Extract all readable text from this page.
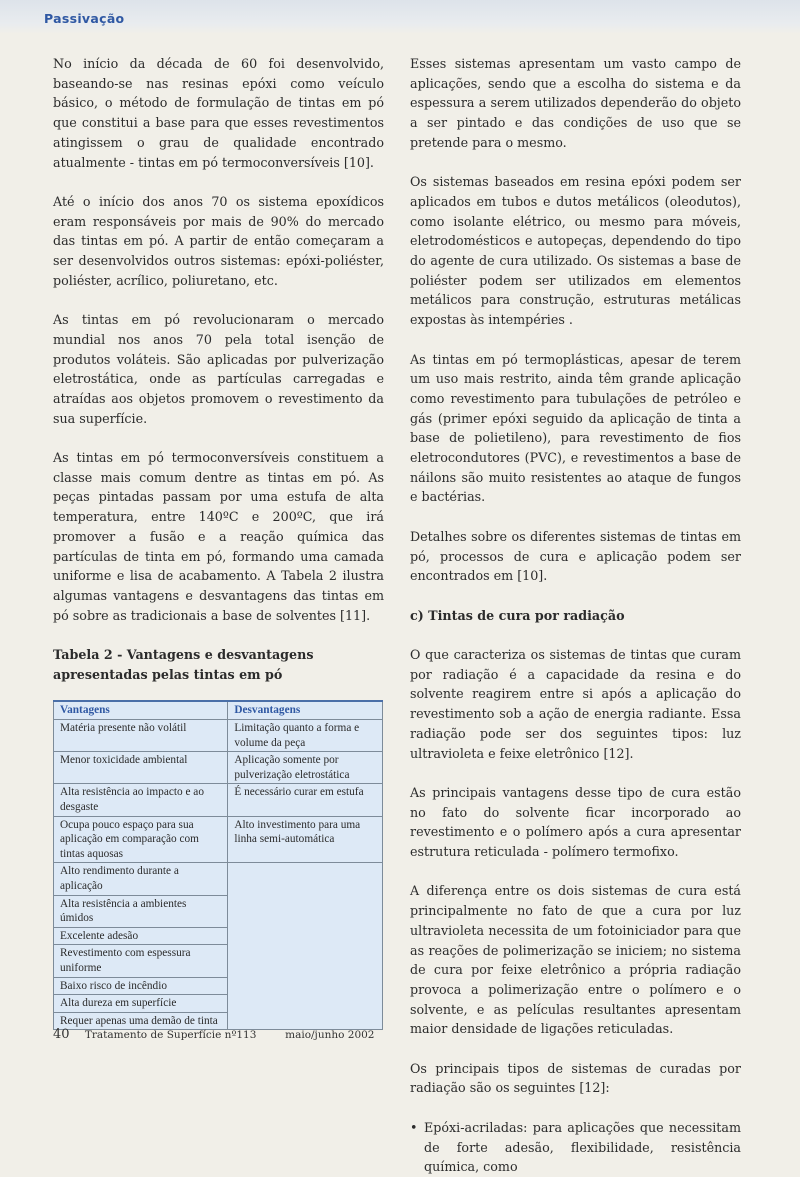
Passivação

No início da década de 60 foi desenvolvido, baseando-se nas resinas epóxi como veículo básico, o método de formulação de tintas em pó que constitui a base para que esses revestimentos atingissem o grau de qualidade encontrado atualmente - tintas em pó termoconversíveis [10].

Até o início dos anos 70 os sistema epoxídicos eram responsáveis por mais de 90% do mercado das tintas em pó. A partir de então começaram a ser desenvolvidos outros sistemas: epóxi-poliéster, poliéster, acrílico, poliuretano, etc.

As tintas em pó revolucionaram o mercado mundial nos anos 70 pela total isenção de produtos voláteis. São aplicadas por pulverização eletrostática, onde as partículas carregadas e atraídas aos objetos promovem o revestimento da sua superfície.

As tintas em pó termoconversíveis constituem a classe mais comum dentre as tintas em pó. As peças pintadas passam por uma estufa de alta temperatura, entre 140ºC e 200ºC, que irá promover a fusão e a reação química das partículas de tinta em pó, formando uma camada uniforme e lisa de acabamento. A Tabela 2 ilustra algumas vantagens e desvantagens das tintas em pó sobre as tradicionais a base de solventes [11].

Tabela 2 - Vantagens e desvantagens apresentadas pelas tintas em pó
Vantagens	Desvantagens
Matéria presente não volátil	Limitação quanto a forma e volume da peça
Menor toxicidade ambiental	Aplicação somente por pulverização eletrostática
Alta resistência ao impacto e ao desgaste	É necessário curar em estufa
Ocupa pouco espaço para sua aplicação em comparação com tintas aquosas	Alto investimento para uma linha semi-automática
Alto rendimento durante a aplicação	
Alta resistência a ambientes úmidos	
Excelente adesão	
Revestimento com espessura uniforme	
Baixo risco de incêndio	
Alta dureza em superfície	
Requer apenas uma demão de tinta	

Esses sistemas apresentam um vasto campo de aplicações, sendo que a escolha do sistema e da espessura a serem utilizados dependerão do objeto a ser pintado e das condições de uso que se pretende para o mesmo.

Os sistemas baseados em resina epóxi podem ser aplicados em tubos e dutos metálicos (oleodutos), como isolante elétrico, ou mesmo para móveis, eletrodomésticos e autopeças, dependendo do tipo do agente de cura utilizado. Os sistemas a base de poliéster podem ser utilizados em elementos metálicos para construção, estruturas metálicas expostas às intempéries .

As tintas em pó termoplásticas, apesar de terem um uso mais restrito, ainda têm grande aplicação como revestimento para tubulações de petróleo e gás (primer epóxi seguido da aplicação de tinta a base de polietileno), para revestimento de fios eletrocondutores (PVC), e revestimentos a base de náilons são muito resistentes ao ataque de fungos e bactérias.

Detalhes sobre os diferentes sistemas de tintas em pó, processos de cura e aplicação podem ser encontrados em [10].

c) Tintas de cura por radiação

O que caracteriza os sistemas de tintas que curam por radiação é a capacidade da resina e do solvente reagirem entre si após a aplicação do revestimento sob a ação de energia radiante. Essa radiação pode ser dos seguintes tipos: luz ultravioleta e feixe eletrônico [12].

As principais vantagens desse tipo de cura estão no fato do solvente ficar incorporado ao revestimento e o polímero após a cura apresentar estrutura reticulada - polímero termofixo.

A diferença entre os dois sistemas de cura está principalmente no fato de que a cura por luz ultravioleta necessita de um fotoiniciador para que as reações de polimerização se iniciem; no sistema de cura por feixe eletrônico a própria radiação provoca a polimerização entre o polímero e o solvente, e as películas resultantes apresentam maior densidade de ligações reticuladas.

Os principais tipos de sistemas de curadas por radiação são os seguintes [12]:

• Epóxi-acriladas: para aplicações que necessitam de forte adesão, flexibilidade, resistência química, como
40 Tratamento de Superfície nº113	maio/junho 2002
